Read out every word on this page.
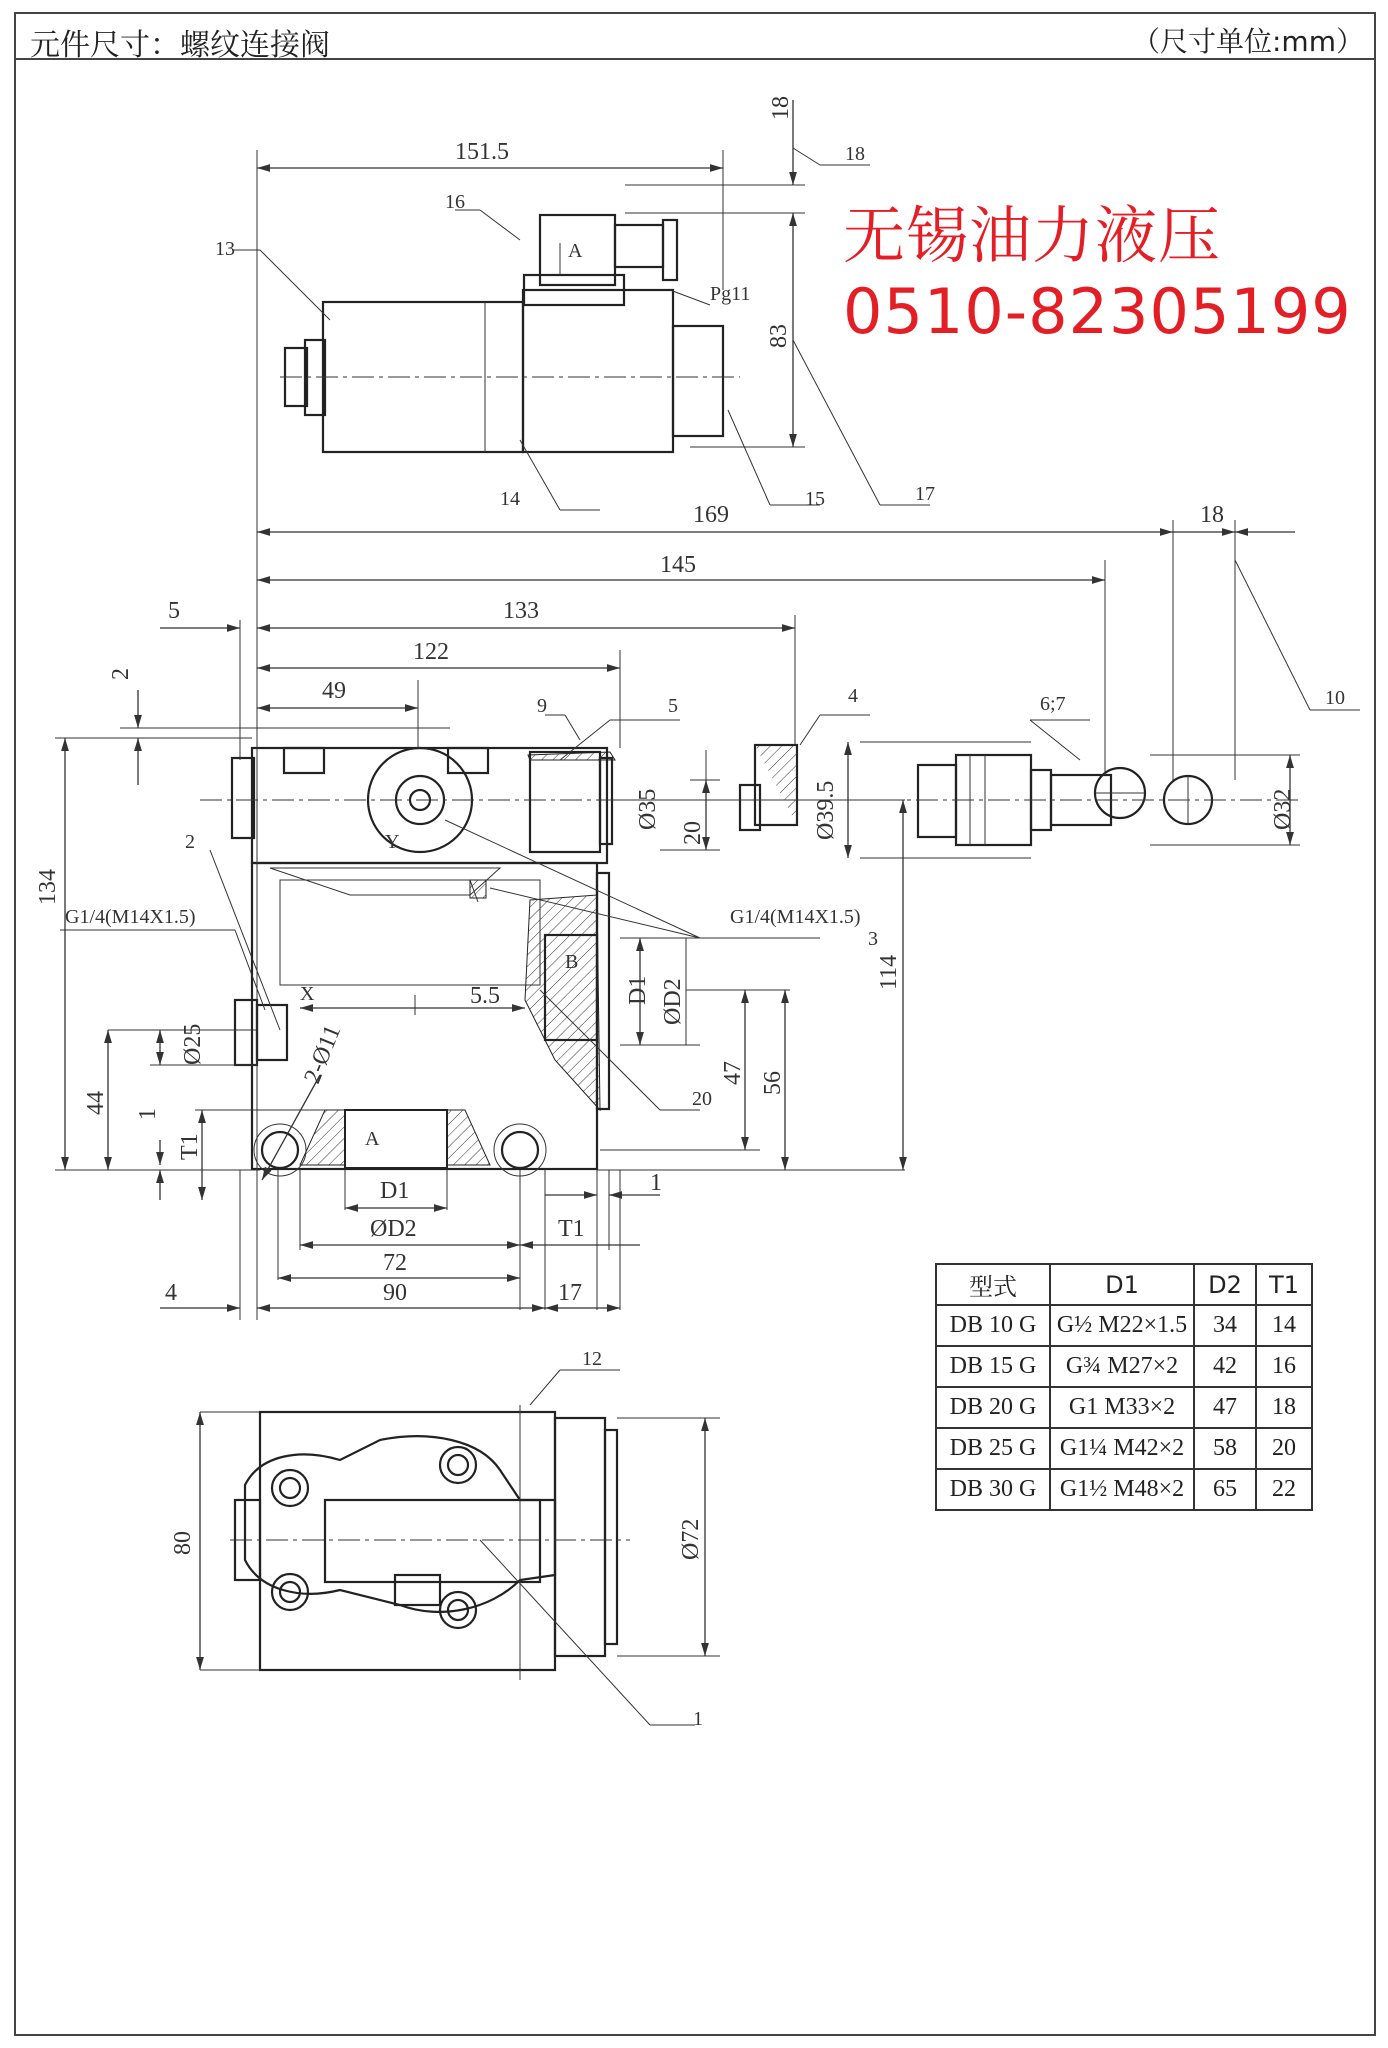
元件尺寸：螺纹连接阀	（尺寸单位:mm）
151.5
18
18
83
169	18
145
133
122
49
5
2
134
114
Ø35
20	Ø39.5	Ø32
5.5	D1 ØD2
47 56
44 1
T1
Ø25	2-Ø11
D1
ØD2
72
90
4	17
T1
1
80	Ø72
G1/4(M14X1.5)	G1/4(M14X1.5)
Pg11
A
A
B
X
Y
1
2
3
4
5	6;7
9	10
12
13
14	15
16
17
20
无锡油力液压
0510-82305199
型式	D1	D2	T1
DB 10 G	G½ M22×1.5	34	14
DB 15 G	G¾ M27×2	42	16
DB 20 G	G1 M33×2	47	18
DB 25 G	G1¼ M42×2	58	20
DB 30 G	G1½ M48×2	65	22
